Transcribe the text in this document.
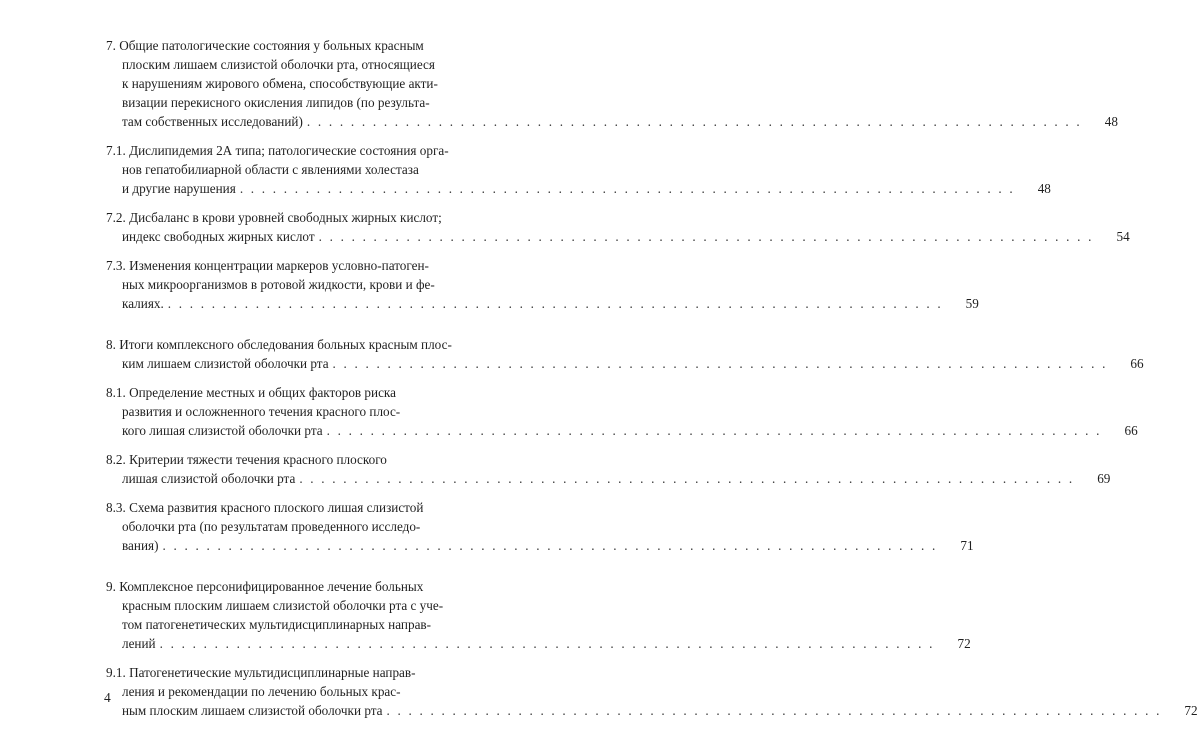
7. Общие патологические состояния у больных красным
плоским лишаем слизистой оболочки рта, относящиеся
к нарушениям жирового обмена, способствующие акти-
визации перекисного окисления липидов (по результа-
там собственных исследований) . . . . . . . . . . . . . . . . . . . . . . . . . . . . . . . . . . . . . . . . . . . . . . . . . . . . . . . . . . . . . . . . . . . . . . .	48
7.1. Дислипидемия 2А типа; патологические состояния орга-
нов гепатобилиарной области с явлениями холестаза
и другие нарушения . . . . . . . . . . . . . . . . . . . . . . . . . . . . . . . . . . . . . . . . . . . . . . . . . . . . . . . . . . . . . . . . . . . . . . .	48
7.2. Дисбаланс в крови уровней свободных жирных кислот;
индекс свободных жирных кислот . . . . . . . . . . . . . . . . . . . . . . . . . . . . . . . . . . . . . . . . . . . . . . . . . . . . . . . . . . . . . . . . . . . . . . .	54
7.3. Изменения концентрации маркеров условно-патоген-
ных микроорганизмов в ротовой жидкости, крови и фе-
калиях. . . . . . . . . . . . . . . . . . . . . . . . . . . . . . . . . . . . . . . . . . . . . . . . . . . . . . . . . . . . . . . . . . . . . . . .	59
8. Итоги комплексного обследования больных красным плос-
ким лишаем слизистой оболочки рта . . . . . . . . . . . . . . . . . . . . . . . . . . . . . . . . . . . . . . . . . . . . . . . . . . . . . . . . . . . . . . . . . . . . . . .	66
8.1. Определение местных и общих факторов риска
развития и осложненного течения красного плос-
кого лишая слизистой оболочки рта . . . . . . . . . . . . . . . . . . . . . . . . . . . . . . . . . . . . . . . . . . . . . . . . . . . . . . . . . . . . . . . . . . . . . . .	66
8.2. Критерии тяжести течения красного плоского
лишая слизистой оболочки рта . . . . . . . . . . . . . . . . . . . . . . . . . . . . . . . . . . . . . . . . . . . . . . . . . . . . . . . . . . . . . . . . . . . . . . .	69
8.3. Схема развития красного плоского лишая слизистой
оболочки рта (по результатам проведенного исследо-
вания) . . . . . . . . . . . . . . . . . . . . . . . . . . . . . . . . . . . . . . . . . . . . . . . . . . . . . . . . . . . . . . . . . . . . . . .	71
9. Комплексное персонифицированное лечение больных
красным плоским лишаем слизистой оболочки рта с уче-
том патогенетических мультидисциплинарных направ-
лений . . . . . . . . . . . . . . . . . . . . . . . . . . . . . . . . . . . . . . . . . . . . . . . . . . . . . . . . . . . . . . . . . . . . . . .	72
9.1. Патогенетические мультидисциплинарные направ-
ления и рекомендации по лечению больных крас-
ным плоским лишаем слизистой оболочки рта . . . . . . . . . . . . . . . . . . . . . . . . . . . . . . . . . . . . . . . . . . . . . . . . . . . . . . . . . . . . . . . . . . . . . . .	72
4
